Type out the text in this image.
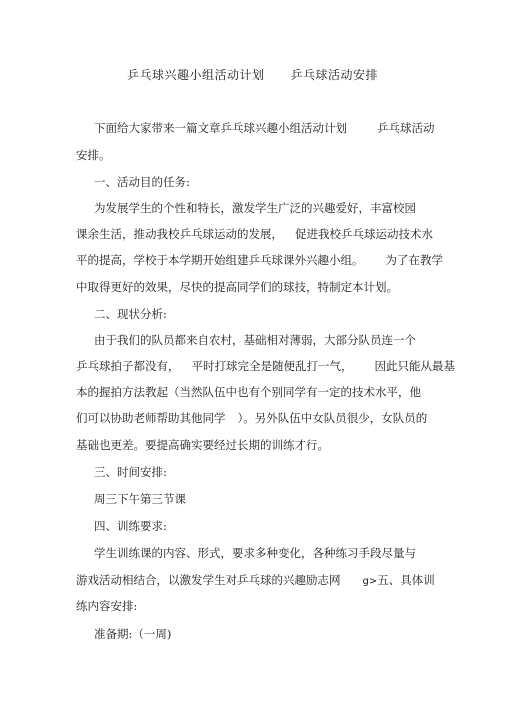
乒乓球兴趣小组活动计划 乒乓球活动安排
下面给大家带来一篇文章乒乓球兴趣小组活动计划	乒乓球活动
安排。
一、活动目的任务:
为发展学生的个性和特长，激发学生广泛的兴趣爱好，丰富校园
课余生活，推动我校乒乓球运动的发展， 促进我校乒乓球运动技术水
平的提高，学校于本学期开始组建乒乓球课外兴趣小组。 为了在教学
中取得更好的效果，尽快的提高同学们的球技，特制定本计划。
二、现状分析:
由于我们的队员都来自农村，基础相对薄弱，大部分队员连一个
乒乓球拍子都没有， 平时打球完全是随便乱打一气， 因此只能从最基
本的握拍方法教起（当然队伍中也有个别同学有一定的技术水平，他
们可以协助老师帮助其他同学 ）。另外队伍中女队员很少，女队员的
基础也更差。要提高确实要经过长期的训练才行。
三、时间安排:
周三下午第三节课
四、训练要求:
学生训练课的内容、形式，要求多种变化，各种练习手段尽量与
游戏活动相结合，以激发学生对乒乓球的兴趣励志网 g>五、具体训
练内容安排:
准备期:（一周)
